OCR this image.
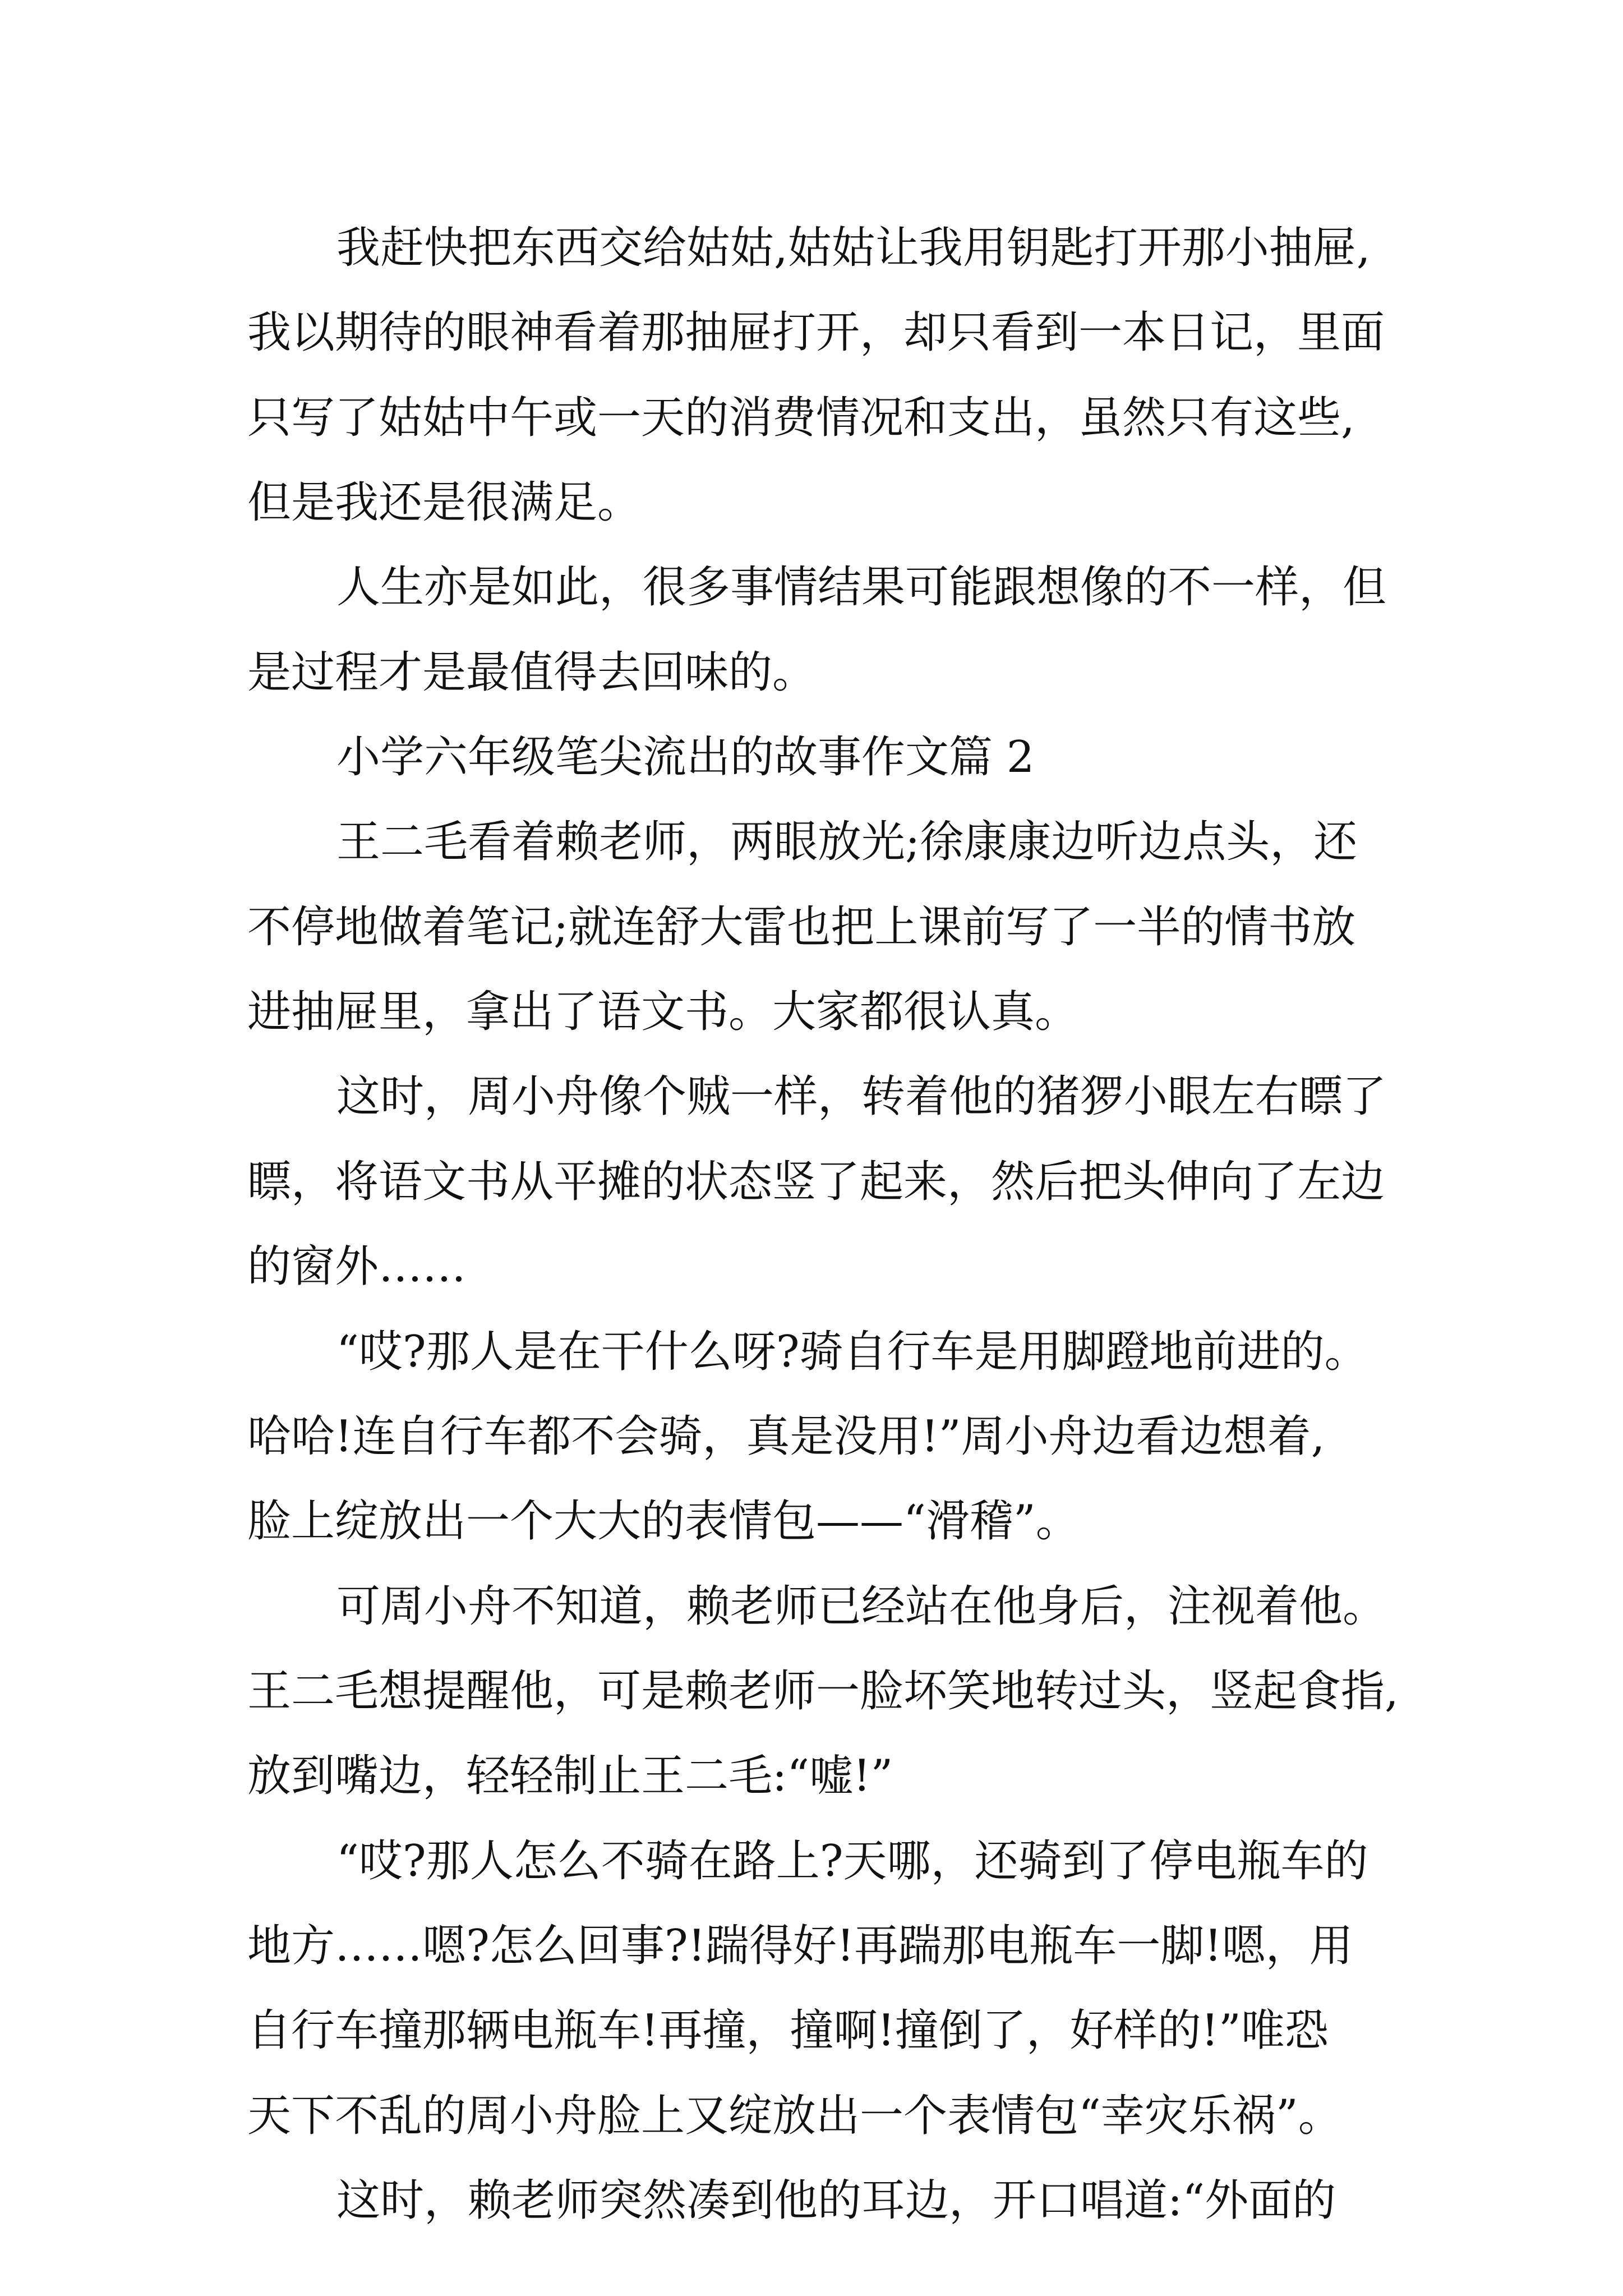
我赶快把东西交给姑姑,姑姑让我用钥匙打开那小抽屉,
我以期待的眼神看着那抽屉打开，却只看到一本日记，里面
只写了姑姑中午或一天的消费情况和支出，虽然只有这些,
但是我还是很满足。
人生亦是如此，很多事情结果可能跟想像的不一样，但
是过程才是最值得去回味的。
小学六年级笔尖流出的故事作文篇 2
王二毛看着赖老师，两眼放光;徐康康边听边点头，还
不停地做着笔记;就连舒大雷也把上课前写了一半的情书放
进抽屉里，拿出了语文书。大家都很认真。
这时，周小舟像个贼一样，转着他的猪猡小眼左右瞟了
瞟，将语文书从平摊的状态竖了起来，然后把头伸向了左边
的窗外……
“哎?那人是在干什么呀?骑自行车是用脚蹬地前进的。
哈哈!连自行车都不会骑，真是没用!”周小舟边看边想着,
脸上绽放出一个大大的表情包——“滑稽”。
可周小舟不知道，赖老师已经站在他身后，注视着他。
王二毛想提醒他，可是赖老师一脸坏笑地转过头，竖起食指,
放到嘴边，轻轻制止王二毛:“嘘!”
“哎?那人怎么不骑在路上?天哪，还骑到了停电瓶车的
地方……嗯?怎么回事?!踹得好!再踹那电瓶车一脚!嗯，用
自行车撞那辆电瓶车!再撞，撞啊!撞倒了，好样的!”唯恐
天下不乱的周小舟脸上又绽放出一个表情包“幸灾乐祸”。
这时，赖老师突然凑到他的耳边，开口唱道:“外面的
